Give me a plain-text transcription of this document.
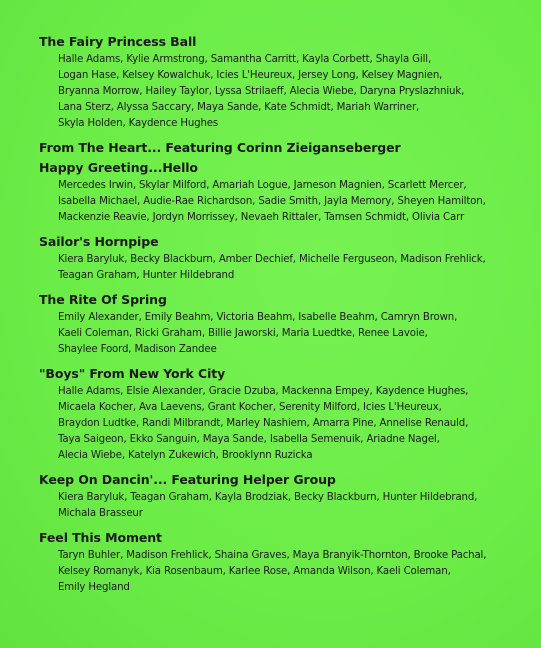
The Fairy Princess Ball
Halle Adams, Kylie Armstrong, Samantha Carritt, Kayla Corbett, Shayla Gill,
Logan Hase, Kelsey Kowalchuk, Icies L'Heureux, Jersey Long, Kelsey Magnien,
Bryanna Morrow, Hailey Taylor, Lyssa Strilaeff, Alecia Wiebe, Daryna Pryslazhniuk,
Lana Sterz, Alyssa Saccary, Maya Sande, Kate Schmidt, Mariah Warriner,
Skyla Holden, Kaydence Hughes
From The Heart... Featuring Corinn Zieiganseberger
Happy Greeting...Hello
Mercedes Irwin, Skylar Milford, Amariah Logue, Jameson Magnien, Scarlett Mercer,
Isabella Michael, Audie-Rae Richardson, Sadie Smith, Jayla Memory, Sheyen Hamilton,
Mackenzie Reavie, Jordyn Morrissey, Nevaeh Rittaler, Tamsen Schmidt, Olivia Carr
Sailor's Hornpipe
Kiera Baryluk, Becky Blackburn, Amber Dechief, Michelle Ferguseon, Madison Frehlick,
Teagan Graham, Hunter Hildebrand
The Rite Of Spring
Emily Alexander, Emily Beahm, Victoria Beahm, Isabelle Beahm, Camryn Brown,
Kaeli Coleman, Ricki Graham, Billie Jaworski, Maria Luedtke, Renee Lavoie,
Shaylee Foord, Madison Zandee
"Boys" From New York City
Halle Adams, Elsie Alexander, Gracie Dzuba, Mackenna Empey, Kaydence Hughes,
Micaela Kocher, Ava Laevens, Grant Kocher, Serenity Milford, Icies L'Heureux,
Braydon Ludtke, Randi Milbrandt, Marley Nashiem, Amarra Pine, Annelise Renauld,
Taya Saigeon, Ekko Sanguin, Maya Sande, Isabella Semenuik, Ariadne Nagel,
Alecia Wiebe, Katelyn Zukewich, Brooklynn Ruzicka
Keep On Dancin'... Featuring Helper Group
Kiera Baryluk, Teagan Graham, Kayla Brodziak, Becky Blackburn, Hunter Hildebrand,
Michala Brasseur
Feel This Moment
Taryn Buhler, Madison Frehlick, Shaina Graves, Maya Branyik-Thornton, Brooke Pachal,
Kelsey Romanyk, Kia Rosenbaum, Karlee Rose, Amanda Wilson, Kaeli Coleman,
Emily Hegland
